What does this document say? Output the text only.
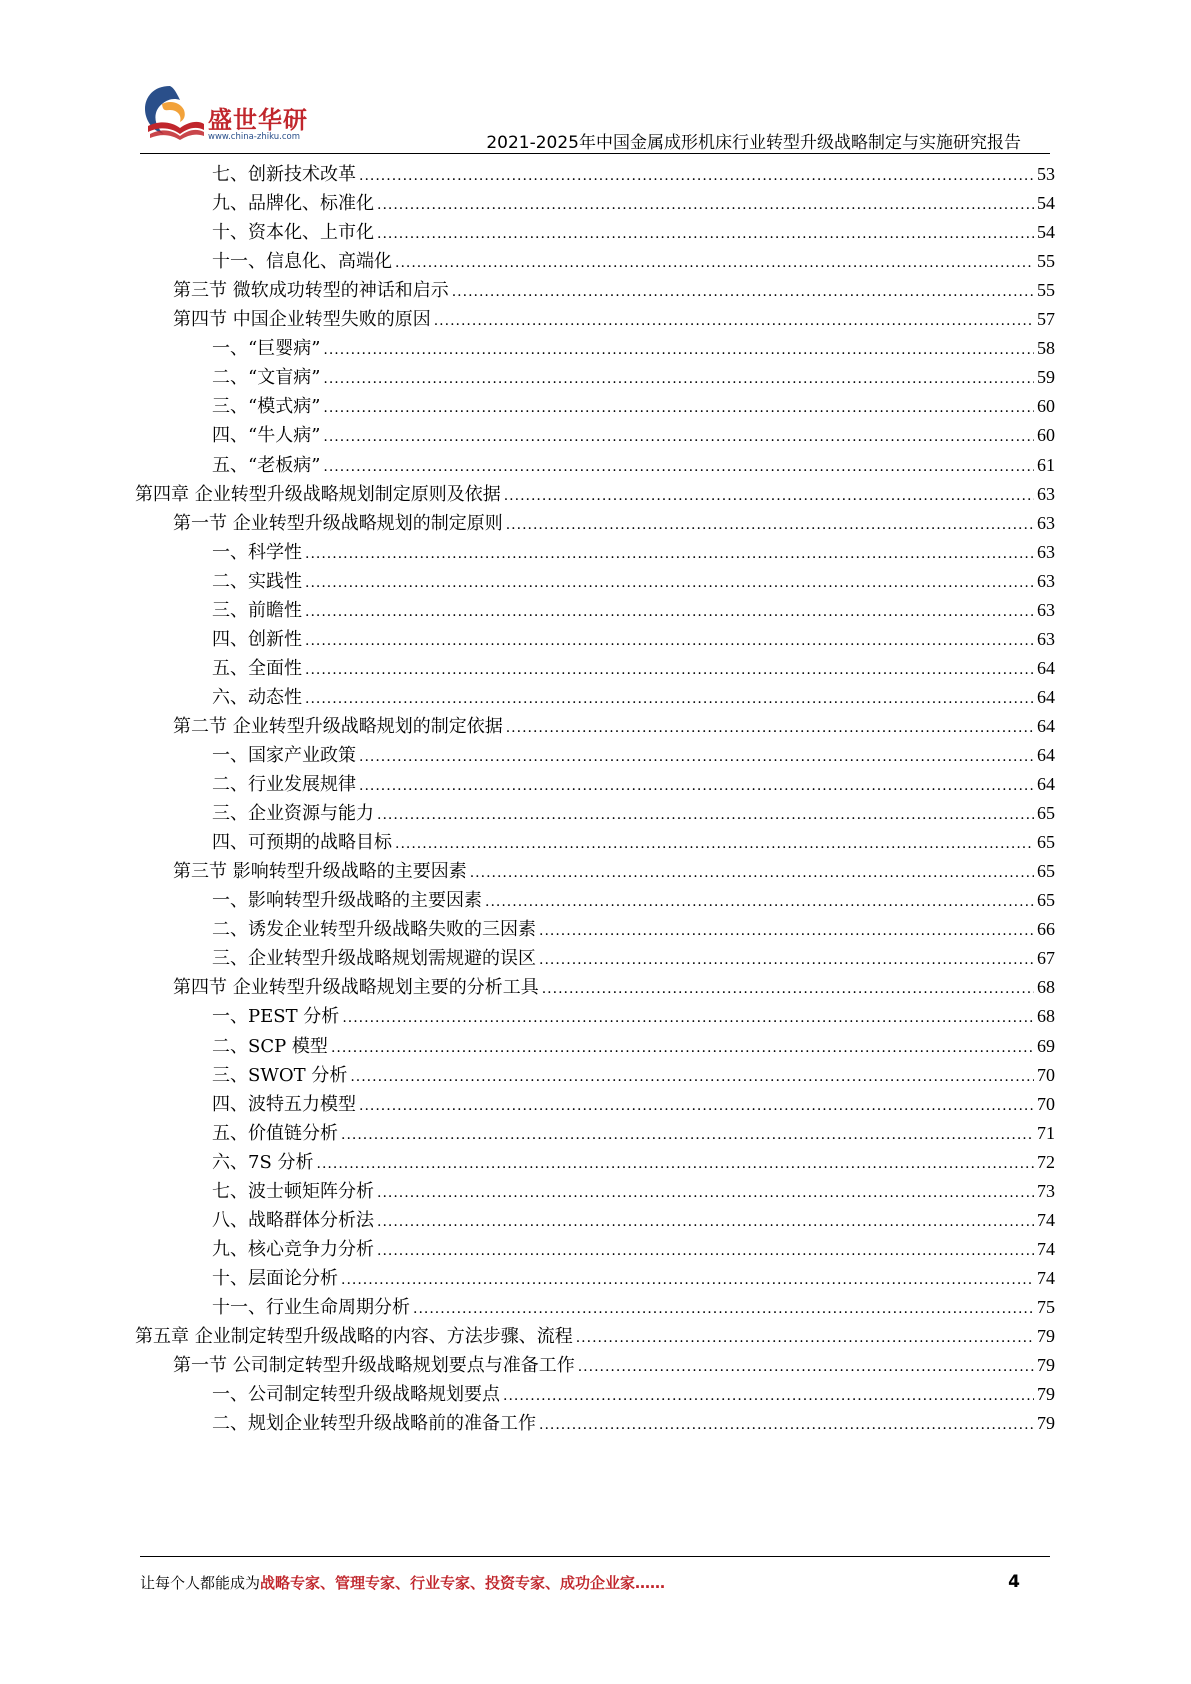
盛世华研
www.china-zhiku.com	2021-2025年中国金属成形机床行业转型升级战略制定与实施研究报告
七、创新技术改革 .....	53
九、品牌化、标准化 .....	54
十、资本化、上市化 .....	54
十一、信息化、高端化 .....	55
第三节 微软成功转型的神话和启示 .....	55
第四节 中国企业转型失败的原因 .....	57
一、“巨婴病” .....	58
二、“文盲病” .....	59
三、“模式病” .....	60
四、“牛人病” .....	60
五、“老板病” .....	61
第四章 企业转型升级战略规划制定原则及依据 .....	63
第一节 企业转型升级战略规划的制定原则 .....	63
一、科学性 .....	63
二、实践性 .....	63
三、前瞻性 .....	63
四、创新性 .....	63
五、全面性 .....	64
六、动态性 .....	64
第二节 企业转型升级战略规划的制定依据 .....	64
一、国家产业政策 .....	64
二、行业发展规律 .....	64
三、企业资源与能力 .....	65
四、可预期的战略目标 .....	65
第三节 影响转型升级战略的主要因素 .....	65
一、影响转型升级战略的主要因素 .....	65
二、诱发企业转型升级战略失败的三因素 .....	66
三、企业转型升级战略规划需规避的误区 .....	67
第四节 企业转型升级战略规划主要的分析工具 .....	68
一、PEST 分析 .....	68
二、SCP 模型 .....	69
三、SWOT 分析 .....	70
四、波特五力模型 .....	70
五、价值链分析 .....	71
六、7S 分析 .....	72
七、波士顿矩阵分析 .....	73
八、战略群体分析法 .....	74
九、核心竞争力分析 .....	74
十、层面论分析 .....	74
十一、行业生命周期分析 .....	75
第五章 企业制定转型升级战略的内容、方法步骤、流程 .....	79
第一节 公司制定转型升级战略规划要点与准备工作 .....	79
一、公司制定转型升级战略规划要点 .....	79
二、规划企业转型升级战略前的准备工作 .....	79
让每个人都能成为战略专家、管理专家、行业专家、投资专家、成功企业家……	4
